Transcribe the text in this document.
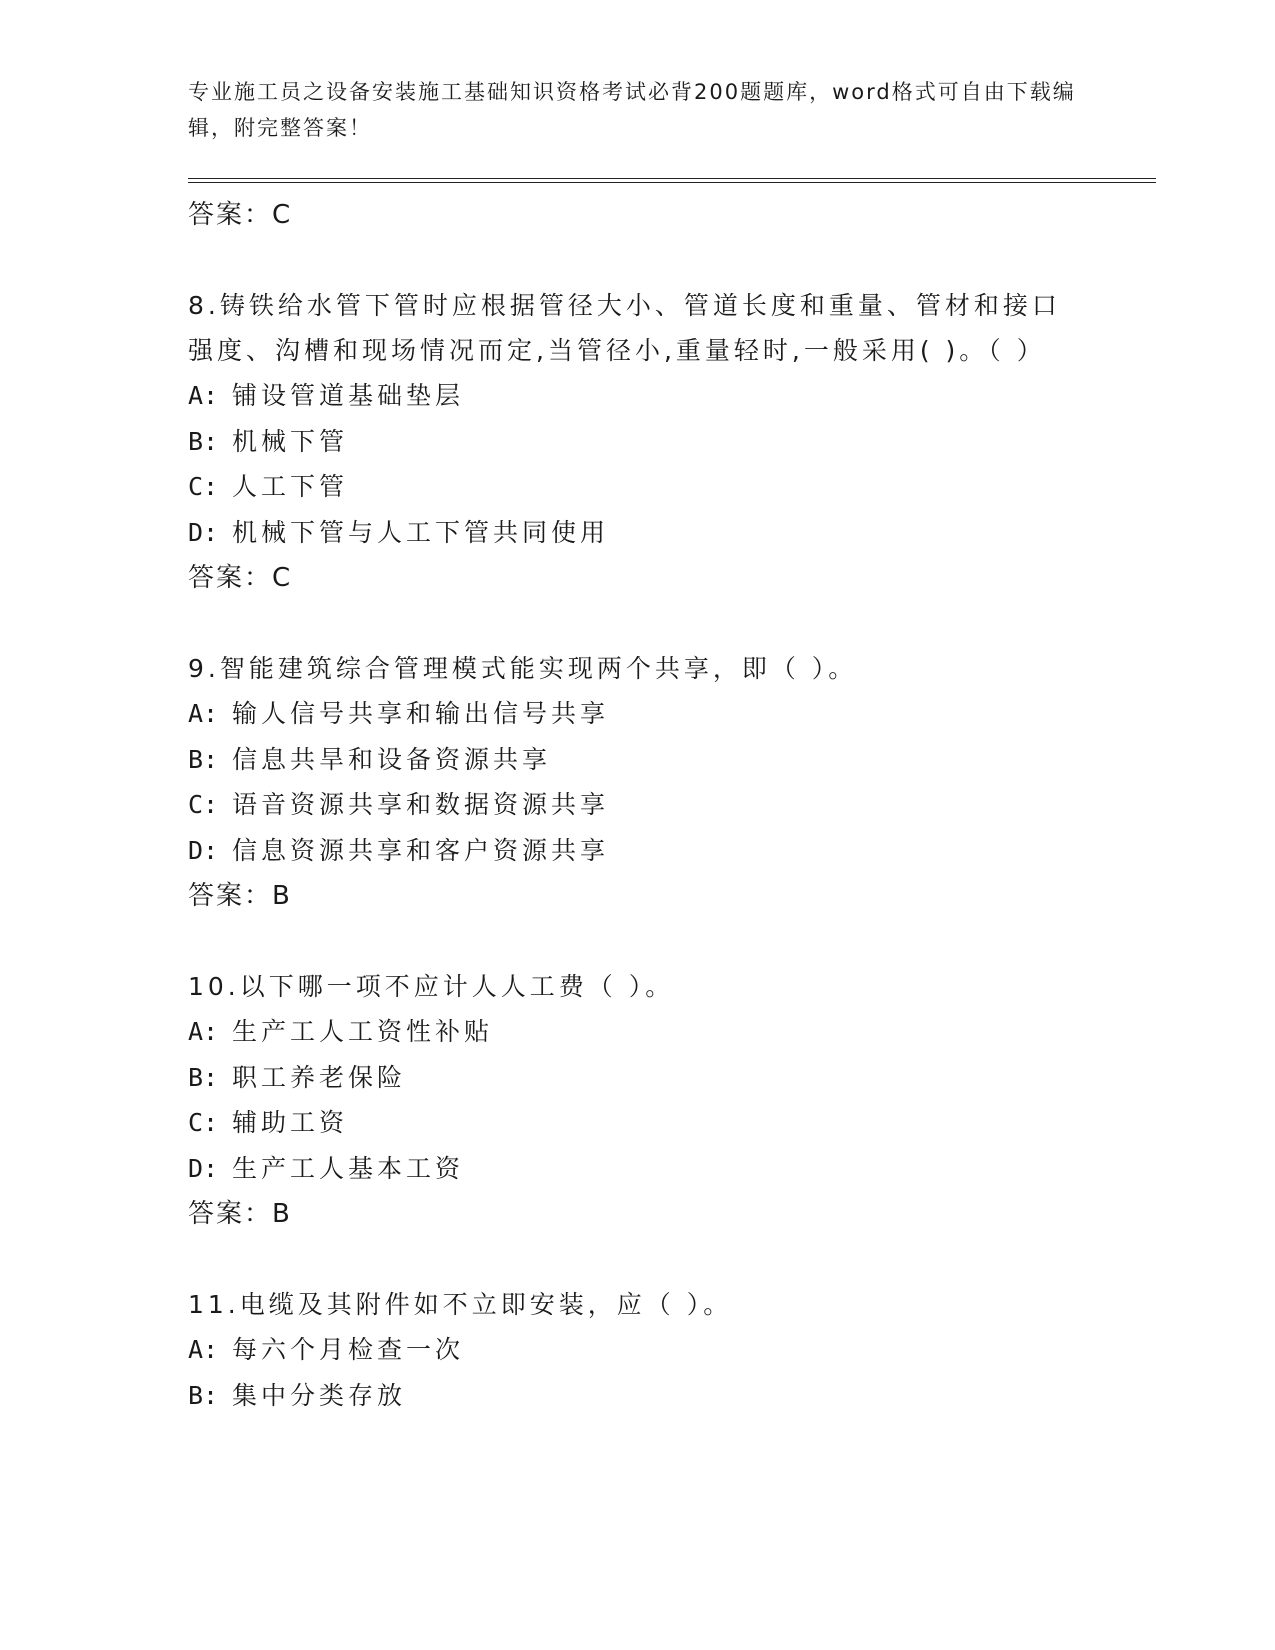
专业施工员之设备安装施工基础知识资格考试必背200题题库，word格式可自由下载编辑，附完整答案！
答案：C
8.铸铁给水管下管时应根据管径大小、管道长度和重量、管材和接口强度、沟槽和现场情况而定,当管径小,重量轻时,一般采用( )。（ ）
A: 铺设管道基础垫层
B: 机械下管
C: 人工下管
D: 机械下管与人工下管共同使用
答案：C
9.智能建筑综合管理模式能实现两个共享，即（ ）。
A: 输人信号共享和输出信号共享
B: 信息共旱和设备资源共享
C: 语音资源共享和数据资源共享
D: 信息资源共享和客户资源共享
答案：B
10.以下哪一项不应计人人工费（ ）。
A: 生产工人工资性补贴
B: 职工养老保险
C: 辅助工资
D: 生产工人基本工资
答案：B
11.电缆及其附件如不立即安装，应（ ）。
A: 每六个月检查一次
B: 集中分类存放
